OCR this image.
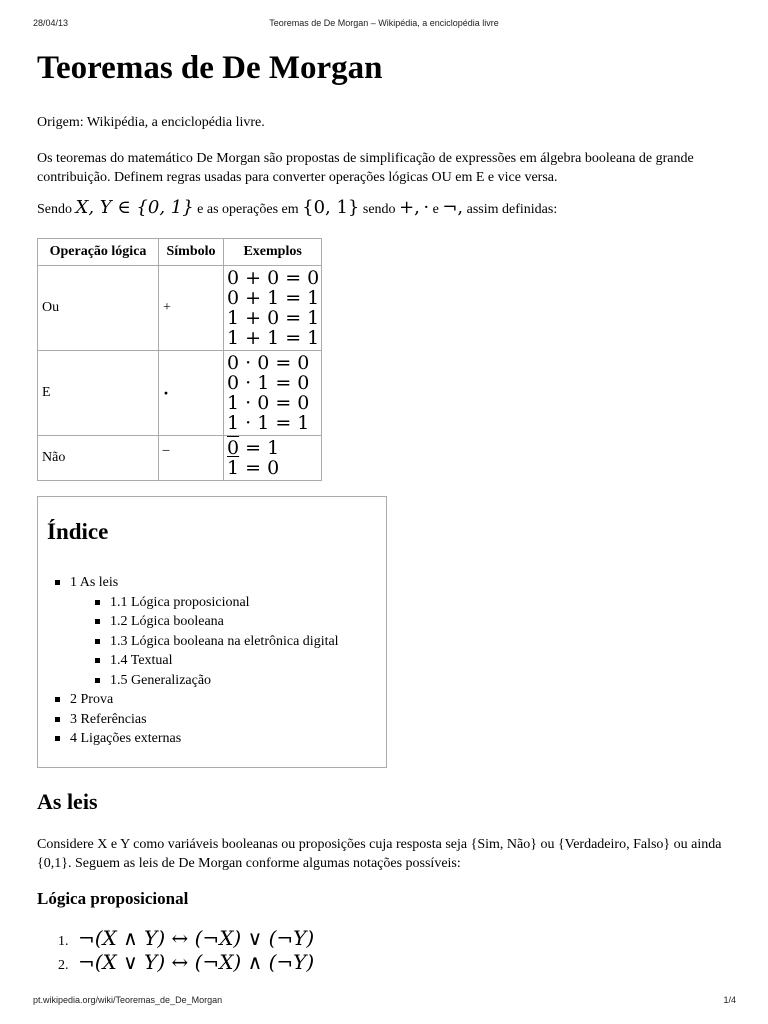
28/04/13	Teoremas de De Morgan – Wikipédia, a enciclopédia livre
Teoremas de De Morgan

Origem: Wikipédia, a enciclopédia livre.

Os teoremas do matemático De Morgan são propostas de simplificação de expressões em álgebra booleana de grande contribuição. Definem regras usadas para converter operações lógicas OU em E e vice versa.

Sendo X, Y ∈ {0, 1} e as operações em {0, 1} sendo +, · e ¬, assim definidas:
Operação lógica	Símbolo	Exemplos
Ou	+	0 + 0 = 0
0 + 1 = 1
1 + 0 = 1
1 + 1 = 1

E	·	0 · 0 = 0
0 · 1 = 0
1 · 0 = 0
1 · 1 = 1

Não	‾	0 = 1
1 = 0
Índice
1 As leis
1.1 Lógica proposicional
1.2 Lógica booleana
1.3 Lógica booleana na eletrônica digital
1.4 Textual
1.5 Generalização
2 Prova
3 Referências
4 Ligações externas
As leis

Considere X e Y como variáveis booleanas ou proposições cuja resposta seja {Sim, Não} ou {Verdadeiro, Falso} ou ainda {0,1}. Seguem as leis de De Morgan conforme algumas notações possíveis:

Lógica proposicional
1. ¬(X ∧ Y) ↔ (¬X) ∨ (¬Y)
2. ¬(X ∨ Y) ↔ (¬X) ∧ (¬Y)
pt.wikipedia.org/wiki/Teoremas_de_De_Morgan	1/4
